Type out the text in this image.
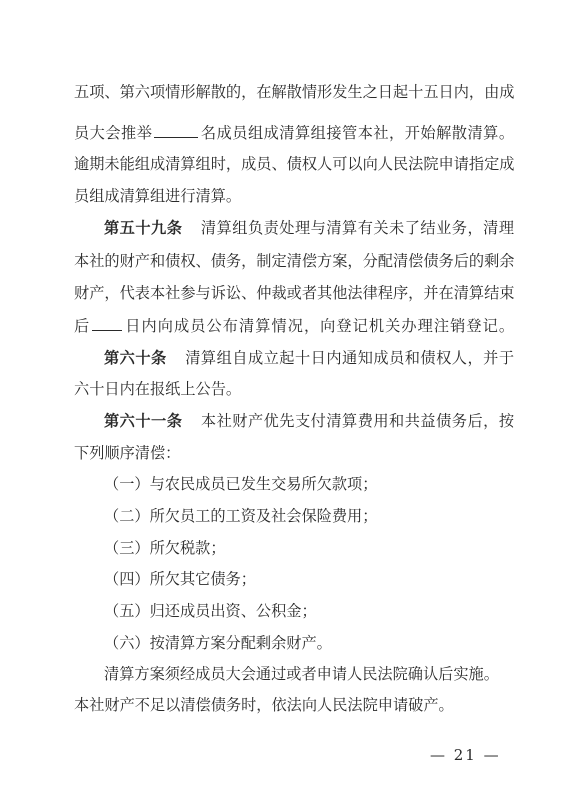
五项、第六项情形解散的，在解散情形发生之日起十五日内，由成
员大会推举	名成员组成清算组接管本社，开始解散清算。
逾期未能组成清算组时，成员、债权人可以向人民法院申请指定成
员组成清算组进行清算。
第五十九条 清算组负责处理与清算有关未了结业务，清理
本社的财产和债权、债务，制定清偿方案，分配清偿债务后的剩余
财产，代表本社参与诉讼、仲裁或者其他法律程序，并在清算结束
后 日内向成员公布清算情况，向登记机关办理注销登记。
第六十条 清算组自成立起十日内通知成员和债权人，并于
六十日内在报纸上公告。
第六十一条 本社财产优先支付清算费用和共益债务后，按
下列顺序清偿：
（一）与农民成员已发生交易所欠款项；
（二）所欠员工的工资及社会保险费用；
（三）所欠税款；
（四）所欠其它债务；
（五）归还成员出资、公积金；
（六）按清算方案分配剩余财产。
清算方案须经成员大会通过或者申请人民法院确认后实施。
本社财产不足以清偿债务时，依法向人民法院申请破产。
— 21 —
